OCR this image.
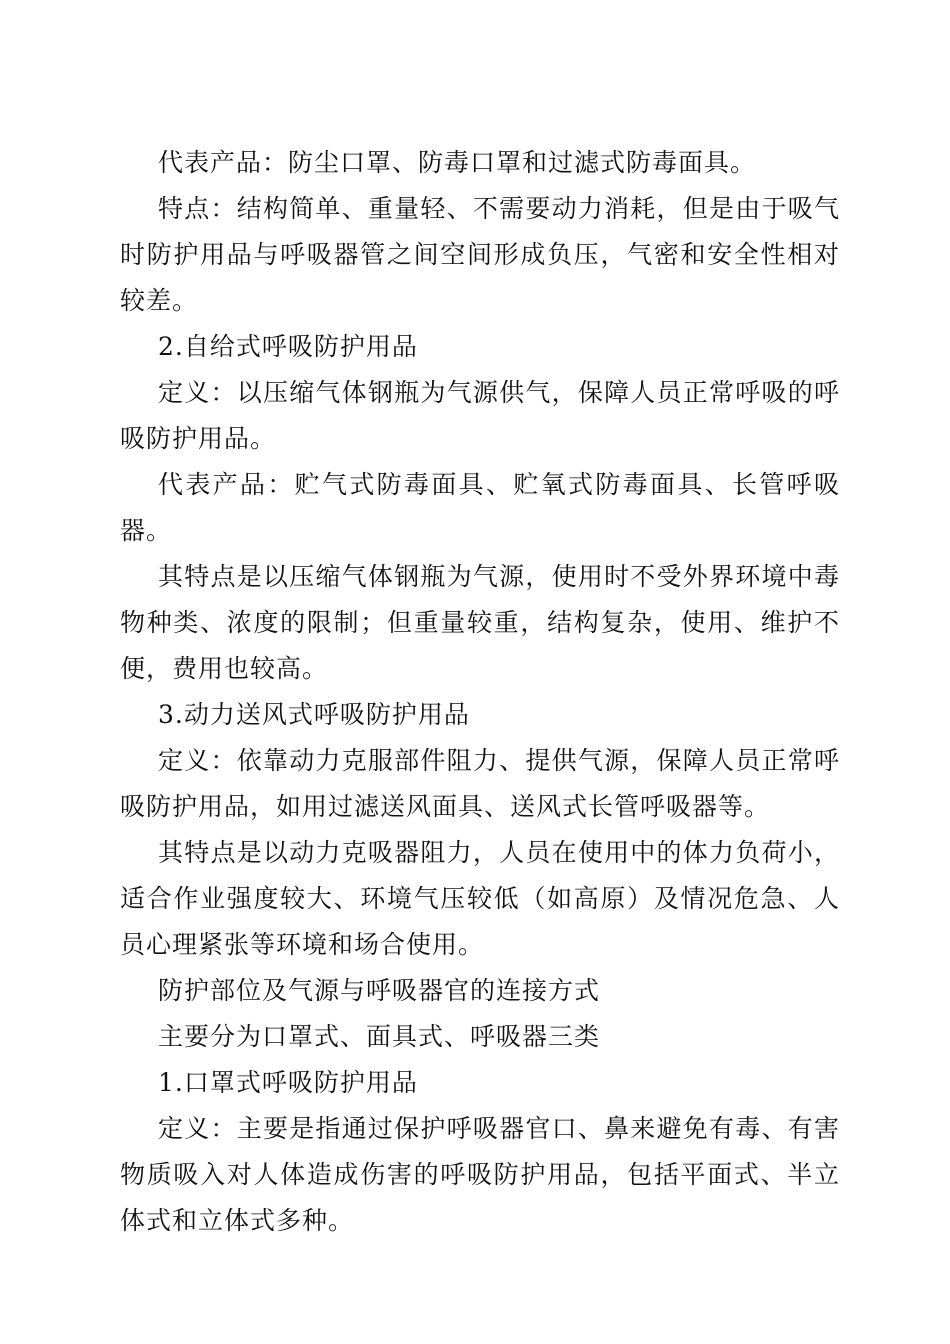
代表产品：防尘口罩、防毒口罩和过滤式防毒面具。

特点：结构简单、重量轻、不需要动力消耗，但是由于吸气时防护用品与呼吸器管之间空间形成负压，气密和安全性相对较差。

2.自给式呼吸防护用品

定义：以压缩气体钢瓶为气源供气，保障人员正常呼吸的呼吸防护用品。

代表产品：贮气式防毒面具、贮氧式防毒面具、长管呼吸器。

其特点是以压缩气体钢瓶为气源，使用时不受外界环境中毒物种类、浓度的限制；但重量较重，结构复杂，使用、维护不便，费用也较高。

3.动力送风式呼吸防护用品

定义：依靠动力克服部件阻力、提供气源，保障人员正常呼吸防护用品，如用过滤送风面具、送风式长管呼吸器等。

其特点是以动力克吸器阻力，人员在使用中的体力负荷小，适合作业强度较大、环境气压较低（如高原）及情况危急、人员心理紧张等环境和场合使用。

防护部位及气源与呼吸器官的连接方式

主要分为口罩式、面具式、呼吸器三类

1.口罩式呼吸防护用品

定义：主要是指通过保护呼吸器官口、鼻来避免有毒、有害物质吸入对人体造成伤害的呼吸防护用品，包括平面式、半立体式和立体式多种。
